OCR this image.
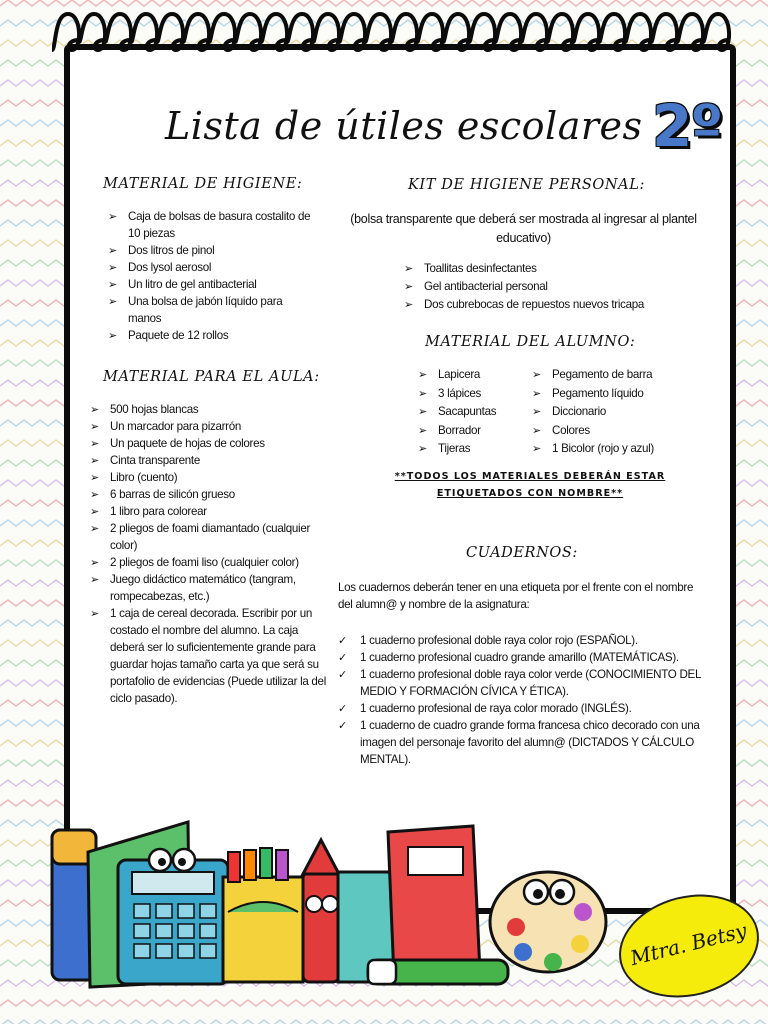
Lista de útiles escolares 2º
MATERIAL DE HIGIENE:
➢ Caja de bolsas de basura costalito de 10 piezas
➢ Dos litros de pinol
➢ Dos lysol aerosol
➢ Un litro de gel antibacterial
➢ Una bolsa de jabón líquido para manos
➢ Paquete de 12 rollos
KIT DE HIGIENE PERSONAL:
(bolsa transparente que deberá ser mostrada al ingresar al plantel educativo)
➢ Toallitas desinfectantes
➢ Gel antibacterial personal
➢ Dos cubrebocas de repuestos nuevos tricapa
MATERIAL PARA EL AULA:
➢ 500 hojas blancas
➢ Un marcador para pizarrón
➢ Un paquete de hojas de colores
➢ Cinta transparente
➢ Libro (cuento)
➢ 6 barras de silicón grueso
➢ 1 libro para colorear
➢ 2 pliegos de foami diamantado (cualquier color)
➢ 2 pliegos de foami liso (cualquier color)
➢ Juego didáctico matemático (tangram, rompecabezas, etc.)
➢ 1 caja de cereal decorada. Escribir por un costado el nombre del alumno. La caja deberá ser lo suficientemente grande para guardar hojas tamaño carta ya que será su portafolio de evidencias (Puede utilizar la del ciclo pasado).
MATERIAL DEL ALUMNO:
➢ Lapicera
➢ 3 lápices
➢ Sacapuntas
➢ Borrador
➢ Tijeras
➢ Pegamento de barra
➢ Pegamento líquido
➢ Diccionario
➢ Colores
➢ 1 Bicolor (rojo y azul)
**TODOS LOS MATERIALES DEBERÁN ESTAR
ETIQUETADOS CON NOMBRE**
CUADERNOS:
Los cuadernos deberán tener en una etiqueta por el frente con el nombre del alumn@ y nombre de la asignatura:
✓ 1 cuaderno profesional doble raya color rojo (ESPAÑOL).
✓ 1 cuaderno profesional cuadro grande amarillo (MATEMÁTICAS).
✓ 1 cuaderno profesional doble raya color verde (CONOCIMIENTO DEL MEDIO Y FORMACIÓN CÍVICA Y ÉTICA).
✓ 1 cuaderno profesional de raya color morado (INGLÉS).
✓ 1 cuaderno de cuadro grande forma francesa chico decorado con una imagen del personaje favorito del alumn@ (DICTADOS Y CÁLCULO MENTAL).
Mtra. Betsy
